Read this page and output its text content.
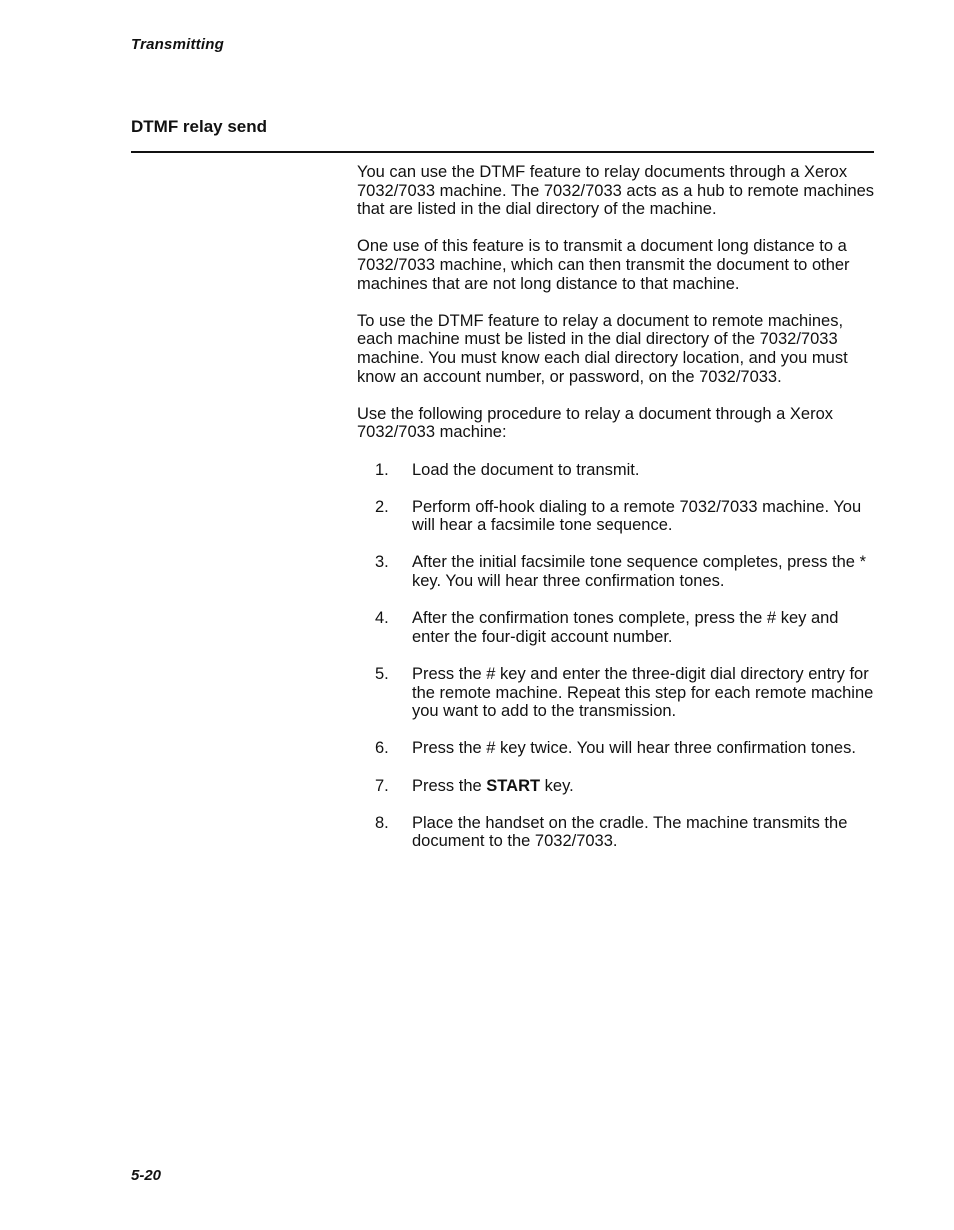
Transmitting
DTMF relay send

You can use the DTMF feature to relay documents through a Xerox 7032/7033 machine. The 7032/7033 acts as a hub to remote machines that are listed in the dial directory of the machine.

One use of this feature is to transmit a document long distance to a 7032/7033 machine, which can then transmit the document to other machines that are not long distance to that machine.

To use the DTMF feature to relay a document to remote machines, each machine must be listed in the dial directory of the 7032/7033 machine. You must know each dial directory location, and you must know an account number, or password, on the 7032/7033.

Use the following procedure to relay a document through a Xerox 7032/7033 machine:

1. Load the document to transmit.
2. Perform off-hook dialing to a remote 7032/7033 machine. You will hear a facsimile tone sequence.
3. After the initial facsimile tone sequence completes, press the * key. You will hear three confirmation tones.
4. After the confirmation tones complete, press the # key and enter the four-digit account number.
5. Press the # key and enter the three-digit dial directory entry for the remote machine. Repeat this step for each remote machine you want to add to the transmission.
6. Press the # key twice. You will hear three confirmation tones.
7. Press the START key.
8. Place the handset on the cradle. The machine transmits the document to the 7032/7033.
5-20
